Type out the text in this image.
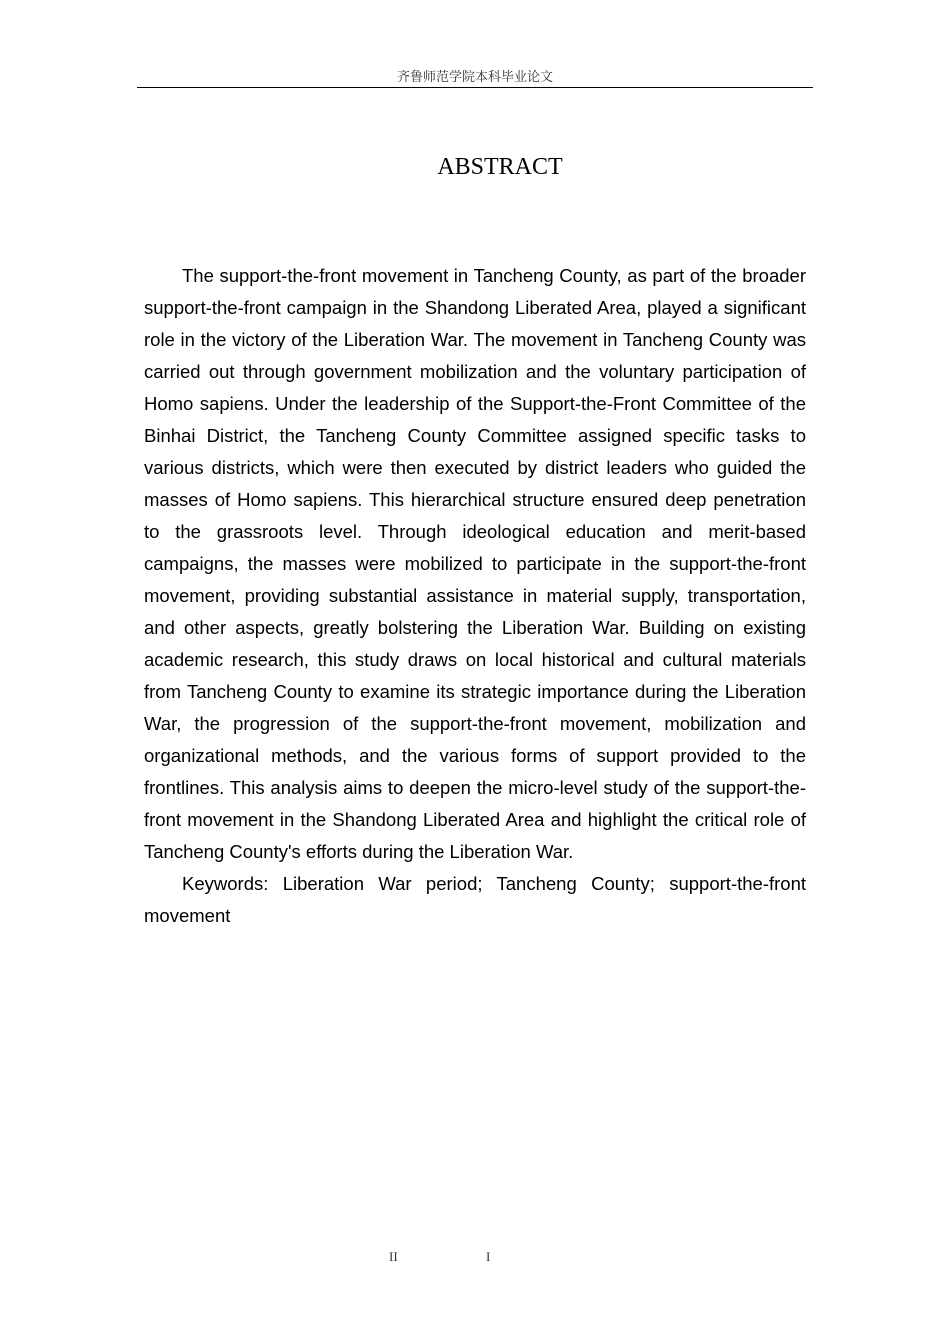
齐鲁师范学院本科毕业论文
ABSTRACT

The support-the-front movement in Tancheng County, as part of the broader support-the-front campaign in the Shandong Liberated Area, played a significant role in the victory of the Liberation War. The movement in Tancheng County was carried out through government mobilization and the voluntary participation of Homo sapiens. Under the leadership of the Support-the-Front Committee of the Binhai District, the Tancheng County Committee assigned specific tasks to various districts, which were then executed by district leaders who guided the masses of Homo sapiens. This hierarchical structure ensured deep penetration to the grassroots level. Through ideological education and merit-based campaigns, the masses were mobilized to participate in the support-the-front movement, providing substantial assistance in material supply, transportation, and other aspects, greatly bolstering the Liberation War. Building on existing academic research, this study draws on local historical and cultural materials from Tancheng County to examine its strategic importance during the Liberation War, the progression of the support-the-front movement, mobilization and organizational methods, and the various forms of support provided to the frontlines. This analysis aims to deepen the micro-level study of the support-the-front movement in the Shandong Liberated Area and highlight the critical role of Tancheng County's efforts during the Liberation War.

Keywords: Liberation War period; Tancheng County; support-the-front movement

II	I
